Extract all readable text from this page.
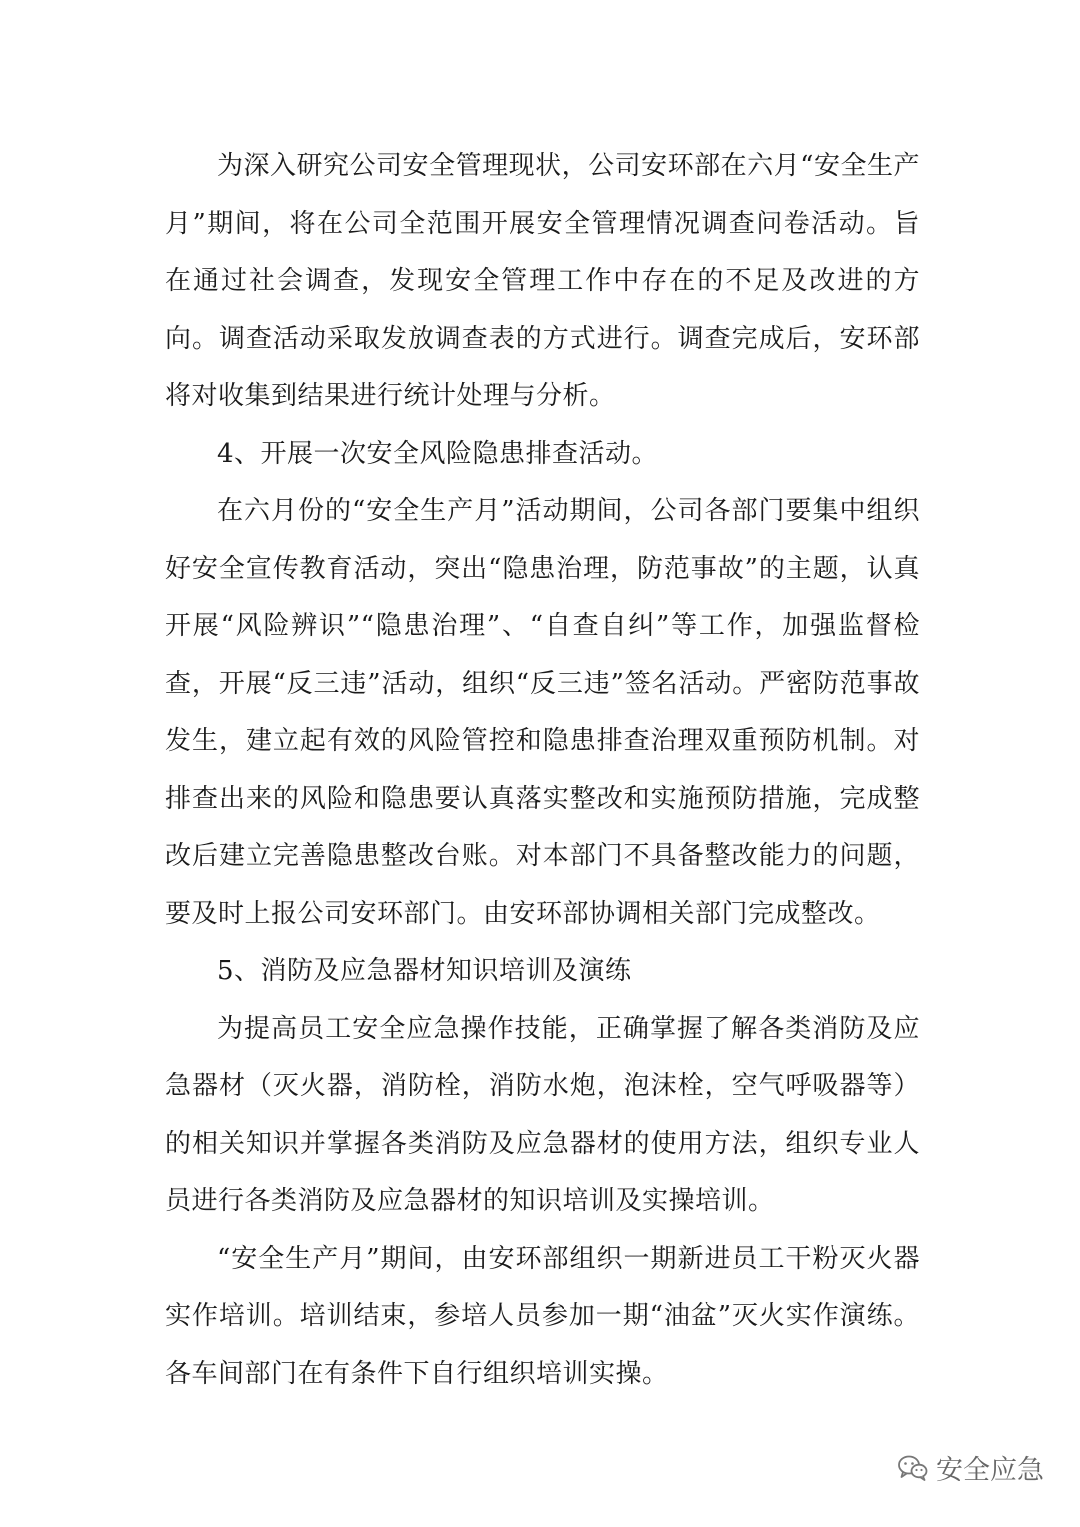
为深入研究公司安全管理现状，公司安环部在六月“安全生产月”期间，将在公司全范围开展安全管理情况调查问卷活动。旨在通过社会调查，发现安全管理工作中存在的不足及改进的方向。调查活动采取发放调查表的方式进行。调查完成后，安环部将对收集到结果进行统计处理与分析。

4、开展一次安全风险隐患排查活动。

在六月份的“安全生产月”活动期间，公司各部门要集中组织好安全宣传教育活动，突出“隐患治理，防范事故”的主题，认真开展“风险辨识”“隐患治理”、“自查自纠”等工作，加强监督检查，开展“反三违”活动，组织“反三违”签名活动。严密防范事故发生，建立起有效的风险管控和隐患排查治理双重预防机制。对排查出来的风险和隐患要认真落实整改和实施预防措施，完成整改后建立完善隐患整改台账。对本部门不具备整改能力的问题，要及时上报公司安环部门。由安环部协调相关部门完成整改。

5、消防及应急器材知识培训及演练

为提高员工安全应急操作技能，正确掌握了解各类消防及应急器材（灭火器，消防栓，消防水炮，泡沫栓，空气呼吸器等）的相关知识并掌握各类消防及应急器材的使用方法，组织专业人员进行各类消防及应急器材的知识培训及实操培训。

“安全生产月”期间，由安环部组织一期新进员工干粉灭火器实作培训。培训结束，参培人员参加一期“油盆”灭火实作演练。各车间部门在有条件下自行组织培训实操。

安全应急
